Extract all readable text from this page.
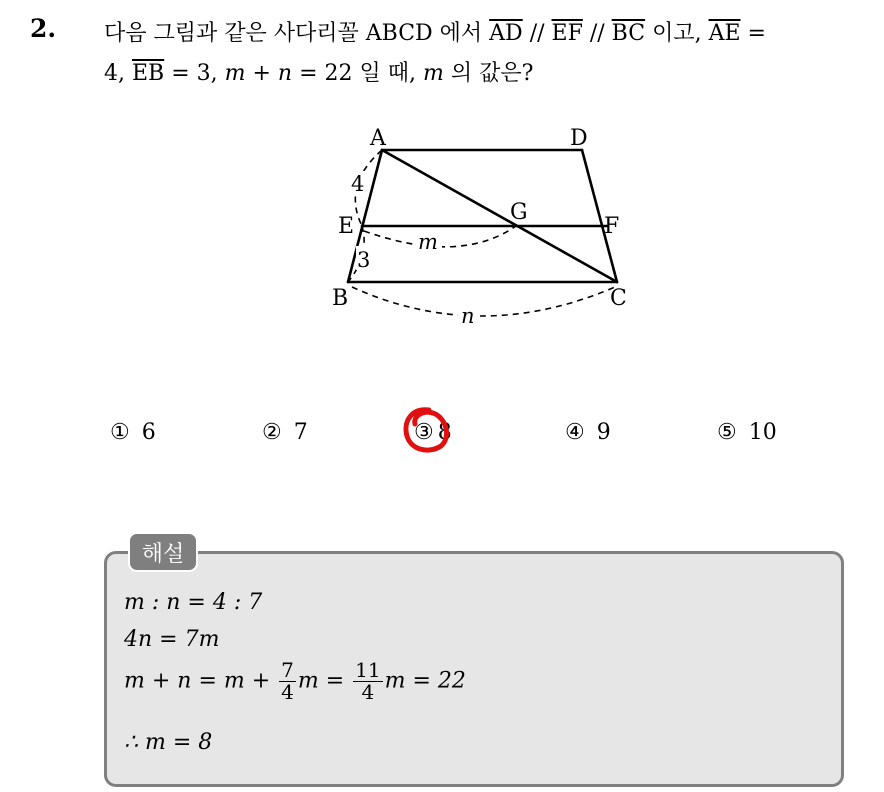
2. 다음 그림과 같은 사다리꼴 ABCD 에서 $\overline{AD} // \overline{EF} // \overline{BC}$ 이고, $\overline{AE}$ =
4, $\overline{EB} = 3$, m + n = 22 일 때, m 의 값은?
A	D
E	F
G
B	C
4
3
m
n
① 6	② 7	③ 8	④ 9	⑤ 10
해설
m : n = 4 : 7
4n = 7m
$m + n = m + \frac{7}{4}$ $m = \frac{11}{4}$ m = 22
∴ m = 8
